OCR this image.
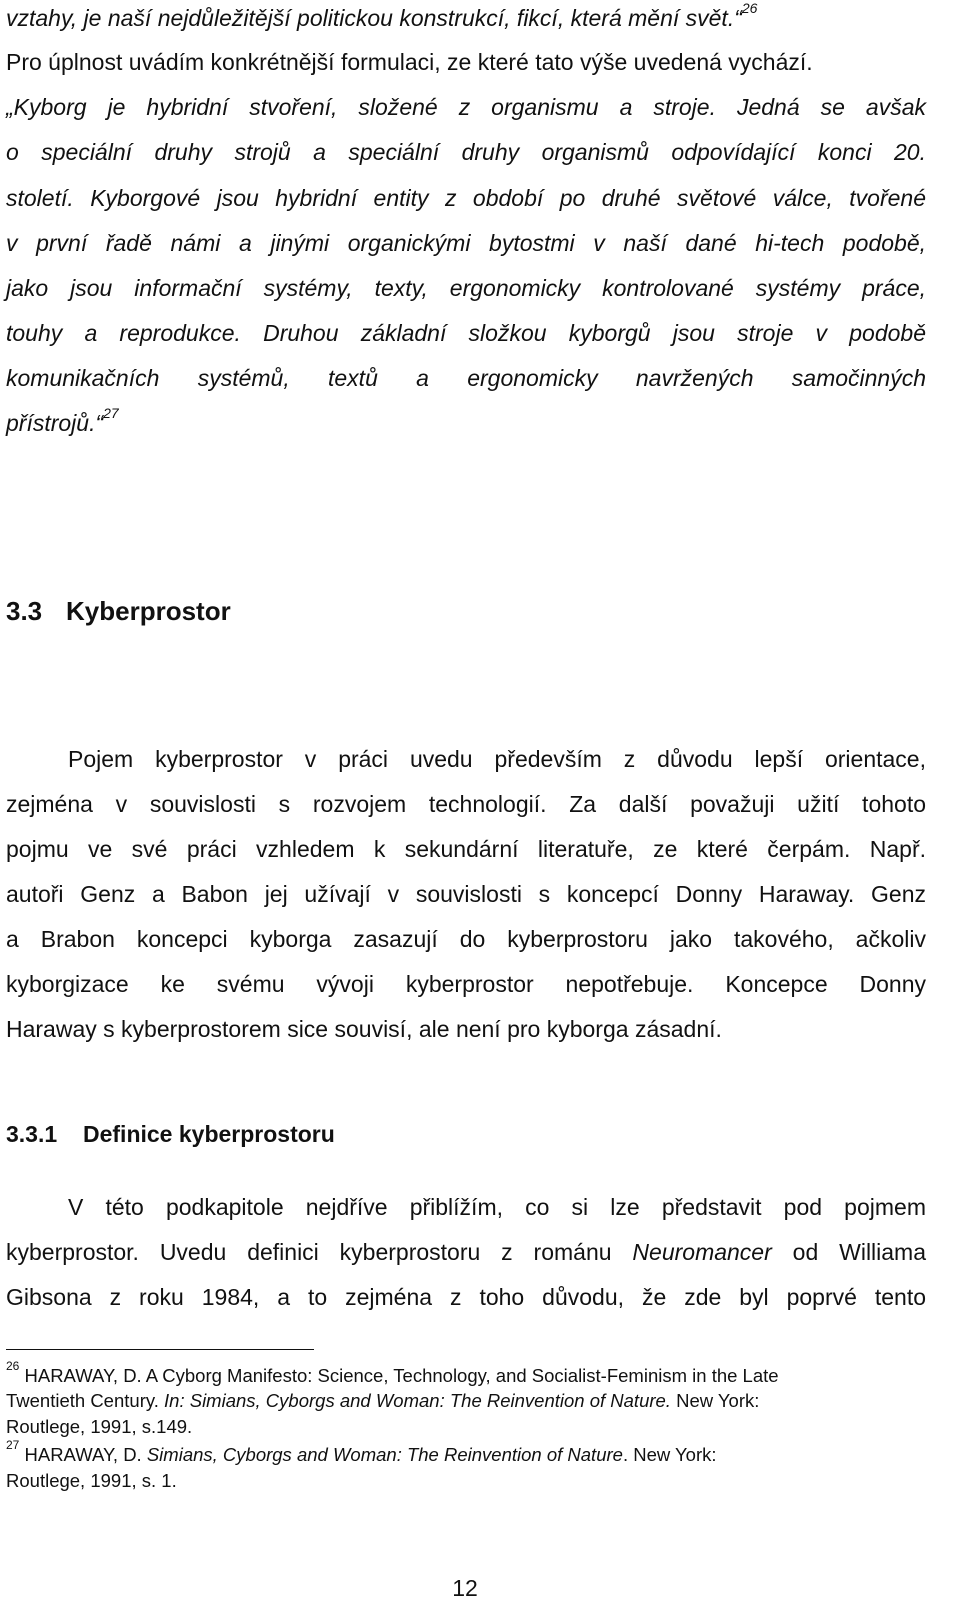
vztahy, je naší nejdůležitější politickou konstrukcí, fikcí, která mění svět.“$^{26}$

Pro úplnost uvádím konkrétnější formulaci, ze které tato výše uvedená vychází.

„Kyborg je hybridní stvoření, složené z organismu a stroje. Jedná se avšak

o speciální druhy strojů a speciální druhy organismů odpovídající konci 20.

století. Kyborgové jsou hybridní entity z období po druhé světové válce, tvořené

v první řadě námi a jinými organickými bytostmi v naší dané hi-tech podobě,

jako jsou informační systémy, texty, ergonomicky kontrolované systémy práce,

touhy a reprodukce. Druhou základní složkou kyborgů jsou stroje v podobě

komunikačních systémů, textů a ergonomicky navržených samočinných

přístrojů.“$^{27}$

3.3 Kyberprostor

Pojem kyberprostor v práci uvedu především z důvodu lepší orientace,

zejména v souvislosti s rozvojem technologií. Za další považuji užití tohoto

pojmu ve své práci vzhledem k sekundární literatuře, ze které čerpám. Např.

autoři Genz a Babon jej užívají v souvislosti s koncepcí Donny Haraway. Genz

a Brabon koncepci kyborga zasazují do kyberprostoru jako takového, ačkoliv

kyborgizace ke svému vývoji kyberprostor nepotřebuje. Koncepce Donny

Haraway s kyberprostorem sice souvisí, ale není pro kyborga zásadní.

3.3.1 Definice kyberprostoru

V této podkapitole nejdříve přiblížím, co si lze představit pod pojmem

kyberprostor. Uvedu definici kyberprostoru z románu Neuromancer od Williama

Gibsona z roku 1984, a to zejména z toho důvodu, že zde byl poprvé tento

$^{26}$ HARAWAY, D. A Cyborg Manifesto: Science, Technology, and Socialist-Feminism in the Late

Twentieth Century. In: Simians, Cyborgs and Woman: The Reinvention of Nature. New York:

Routlege, 1991, s.149.

$^{27}$ HARAWAY, D. Simians, Cyborgs and Woman: The Reinvention of Nature. New York:

Routlege, 1991, s. 1.

12
